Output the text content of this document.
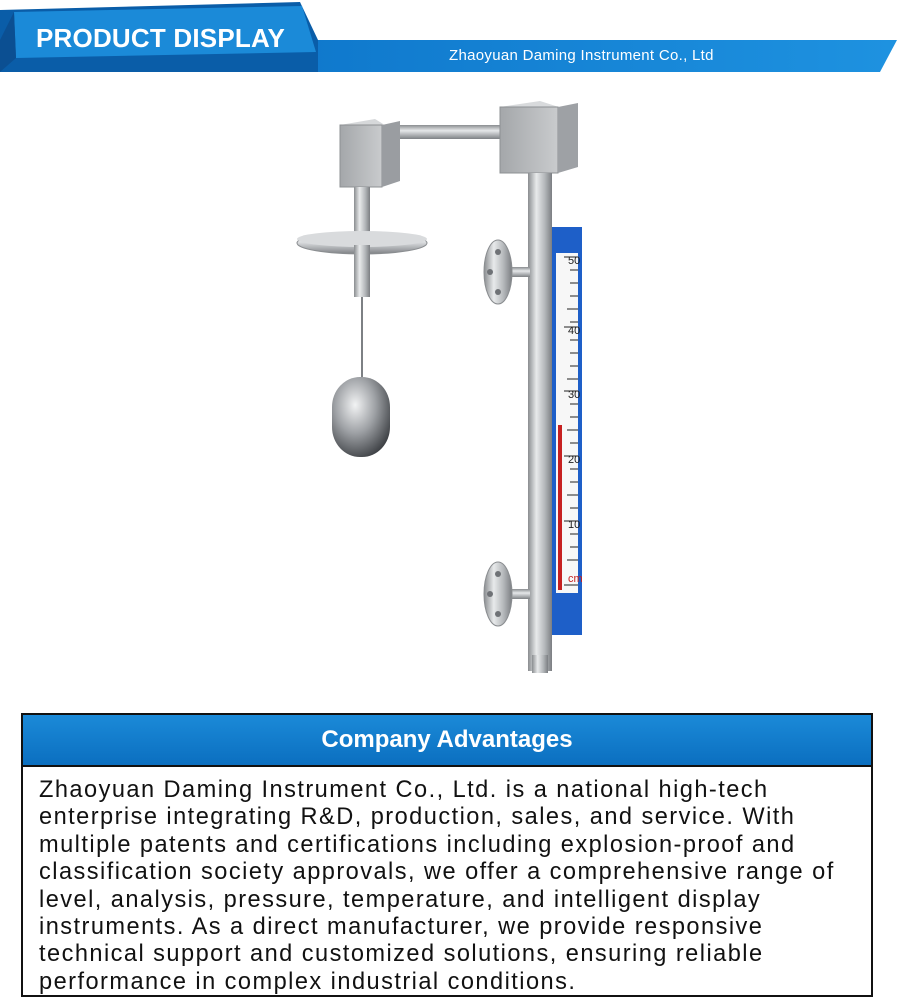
PRODUCT DISPLAY
Zhaoyuan Daming Instrument Co., Ltd
50
40
30
20
10
cm
Company Advantages
Zhaoyuan Daming Instrument Co., Ltd. is a national high-tech enterprise integrating R&D, production, sales, and service. With multiple patents and certifications including explosion-proof and classification society approvals, we offer a comprehensive range of level, analysis, pressure, temperature, and intelligent display instruments. As a direct manufacturer, we provide responsive technical support and customized solutions, ensuring reliable performance in complex industrial conditions.
